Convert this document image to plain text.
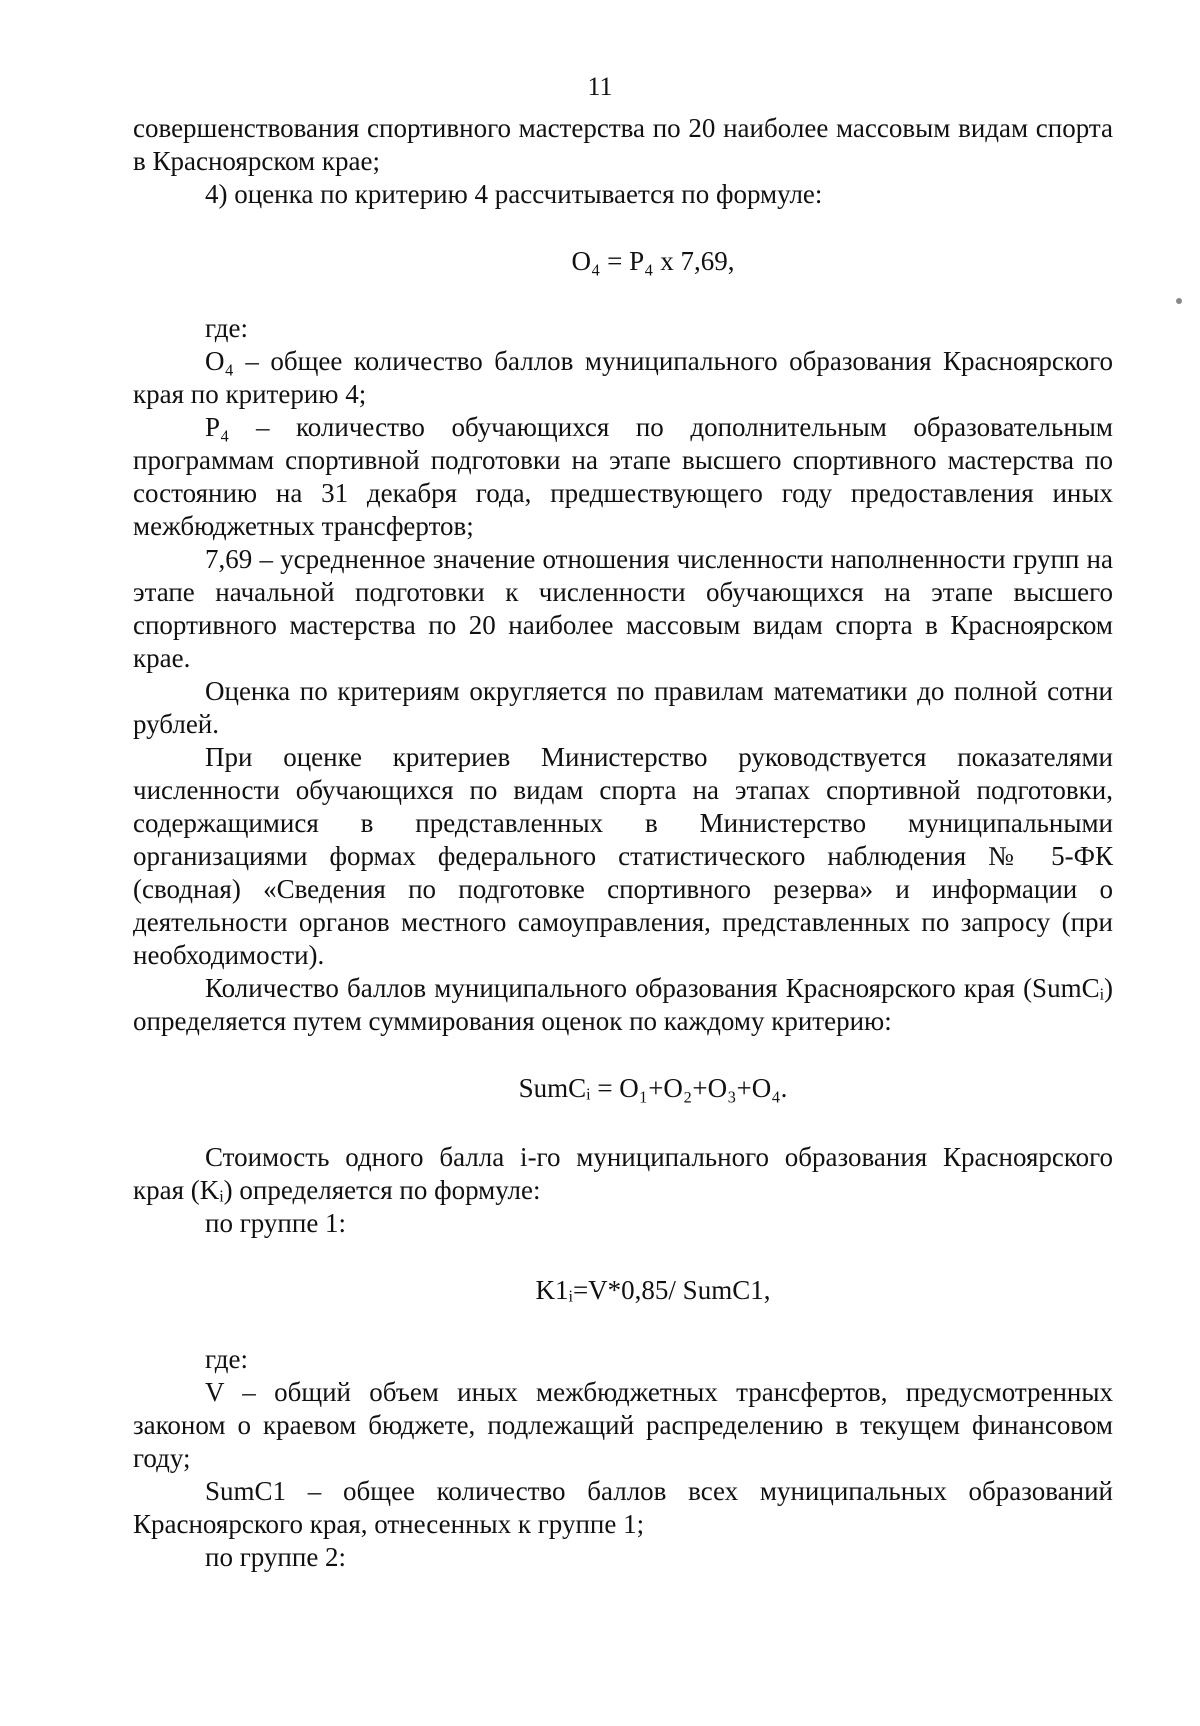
11

совершенствования спортивного мастерства по 20 наиболее массовым видам спорта в Красноярском крае;

4) оценка по критерию 4 рассчитывается по формуле:

O₄ = P₄ x 7,69,

где:

O₄ – общее количество баллов муниципального образования Красноярского края по критерию 4;

P₄ – количество обучающихся по дополнительным образовательным программам спортивной подготовки на этапе высшего спортивного мастерства по состоянию на 31 декабря года, предшествующего году предоставления иных межбюджетных трансфертов;

7,69 – усредненное значение отношения численности наполненности групп на этапе начальной подготовки к численности обучающихся на этапе высшего спортивного мастерства по 20 наиболее массовым видам спорта в Красноярском крае.

Оценка по критериям округляется по правилам математики до полной сотни рублей.

При оценке критериев Министерство руководствуется показателями численности обучающихся по видам спорта на этапах спортивной подготовки, содержащимися в представленных в Министерство муниципальными организациями формах федерального статистического наблюдения № 5-ФК (сводная) «Сведения по подготовке спортивного резерва» и информации о деятельности органов местного самоуправления, представленных по запросу (при необходимости).

Количество баллов муниципального образования Красноярского края (SumCᵢ) определяется путем суммирования оценок по каждому критерию:

SumCᵢ = O₁+O₂+O₃+O₄.

Стоимость одного балла i-го муниципального образования Красноярского края (Kᵢ) определяется по формуле:

по группе 1:

K1ᵢ=V*0,85/ SumC1,

где:

V – общий объем иных межбюджетных трансфертов, предусмотренных законом о краевом бюджете, подлежащий распределению в текущем финансовом году;

SumC1 – общее количество баллов всех муниципальных образований Красноярского края, отнесенных к группе 1;

по группе 2:
